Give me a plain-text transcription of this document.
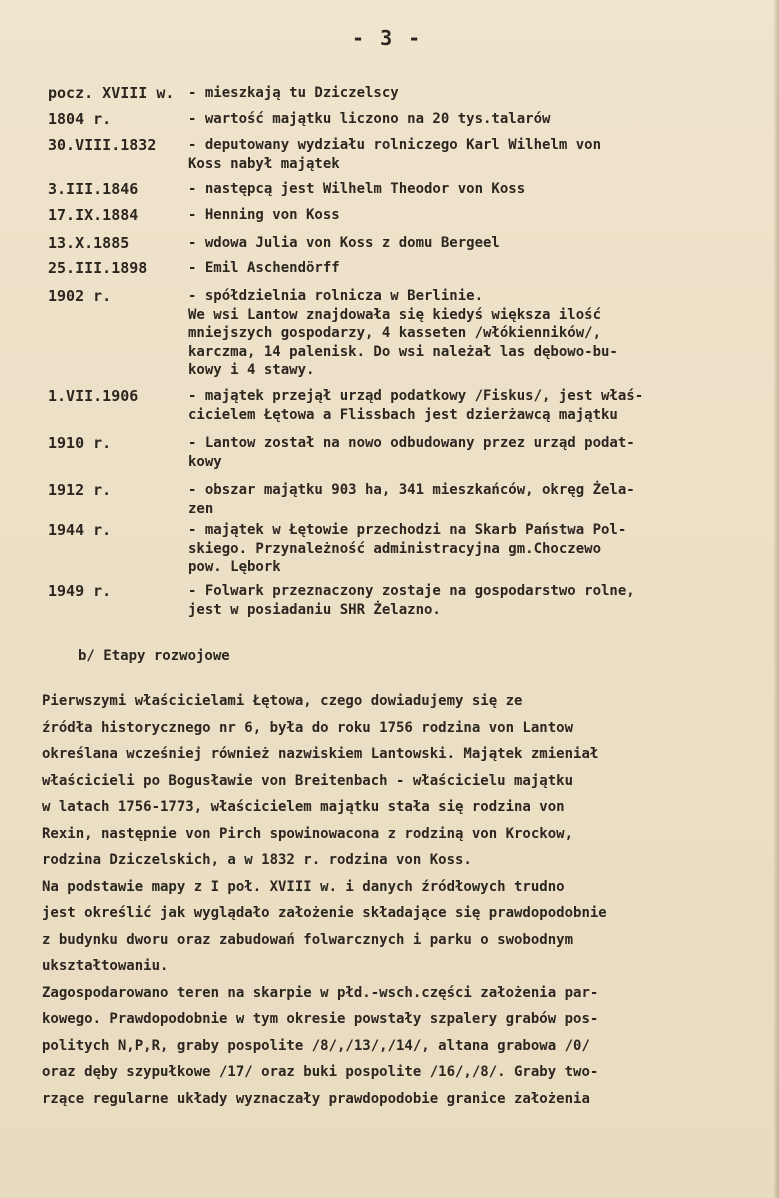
- 3 -
pocz. XVIII w. - mieszkają tu Dziczelscy
1804 r.	- wartość majątku liczono na 20 tys.talarów
30.VIII.1832 - deputowany wydziału rolniczego Karl Wilhelm von
Koss nabył majątek
3.III.1846	- następcą jest Wilhelm Theodor von Koss
17.IX.1884	- Henning von Koss
13.X.1885	- wdowa Julia von Koss z domu Bergeel
25.III.1898	- Emil Aschendörff
1902 r.	- spółdzielnia rolnicza w Berlinie.
We wsi Lantow znajdowała się kiedyś większa ilość
mniejszych gospodarzy, 4 kasseten /włókienników/,
karczma, 14 palenisk. Do wsi należał las dębowo-bu-
kowy i 4 stawy.
1.VII.1906	- majątek przejął urząd podatkowy /Fiskus/, jest właś-
cicielem Łętowa a Flissbach jest dzierżawcą majątku
1910 r.	- Lantow został na nowo odbudowany przez urząd podat-
kowy
1912 r.	- obszar majątku 903 ha, 341 mieszkańców, okręg Żela-
zen
1944 r.	- majątek w Łętowie przechodzi na Skarb Państwa Pol-
skiego. Przynależność administracyjna gm.Choczewo
pow. Lębork
1949 r.	- Folwark przeznaczony zostaje na gospodarstwo rolne,
jest w posiadaniu SHR Żelazno.
b/ Etapy rozwojowe

Pierwszymi właścicielami Łętowa, czego dowiadujemy się ze
źródła historycznego nr 6, była do roku 1756 rodzina von Lantow
określana wcześniej również nazwiskiem Lantowski. Majątek zmieniał
właścicieli po Bogusławie von Breitenbach - właścicielu majątku
w latach 1756-1773, właścicielem majątku stała się rodzina von
Rexin, następnie von Pirch spowinowacona z rodziną von Krockow,
rodzina Dziczelskich, a w 1832 r. rodzina von Koss.

Na podstawie mapy z I poł. XVIII w. i danych źródłowych trudno
jest określić jak wyglądało założenie składające się prawdopodobnie
z budynku dworu oraz zabudowań folwarcznych i parku o swobodnym
ukształtowaniu.

Zagospodarowano teren na skarpie w płd.-wsch.części założenia par-
kowego. Prawdopodobnie w tym okresie powstały szpalery grabów pos-
politych N,P,R, graby pospolite /8/,/13/,/14/, altana grabowa /0/
oraz dęby szypułkowe /17/ oraz buki pospolite /16/,/8/. Graby two-
rzące regularne układy wyznaczały prawdopodobie granice założenia
